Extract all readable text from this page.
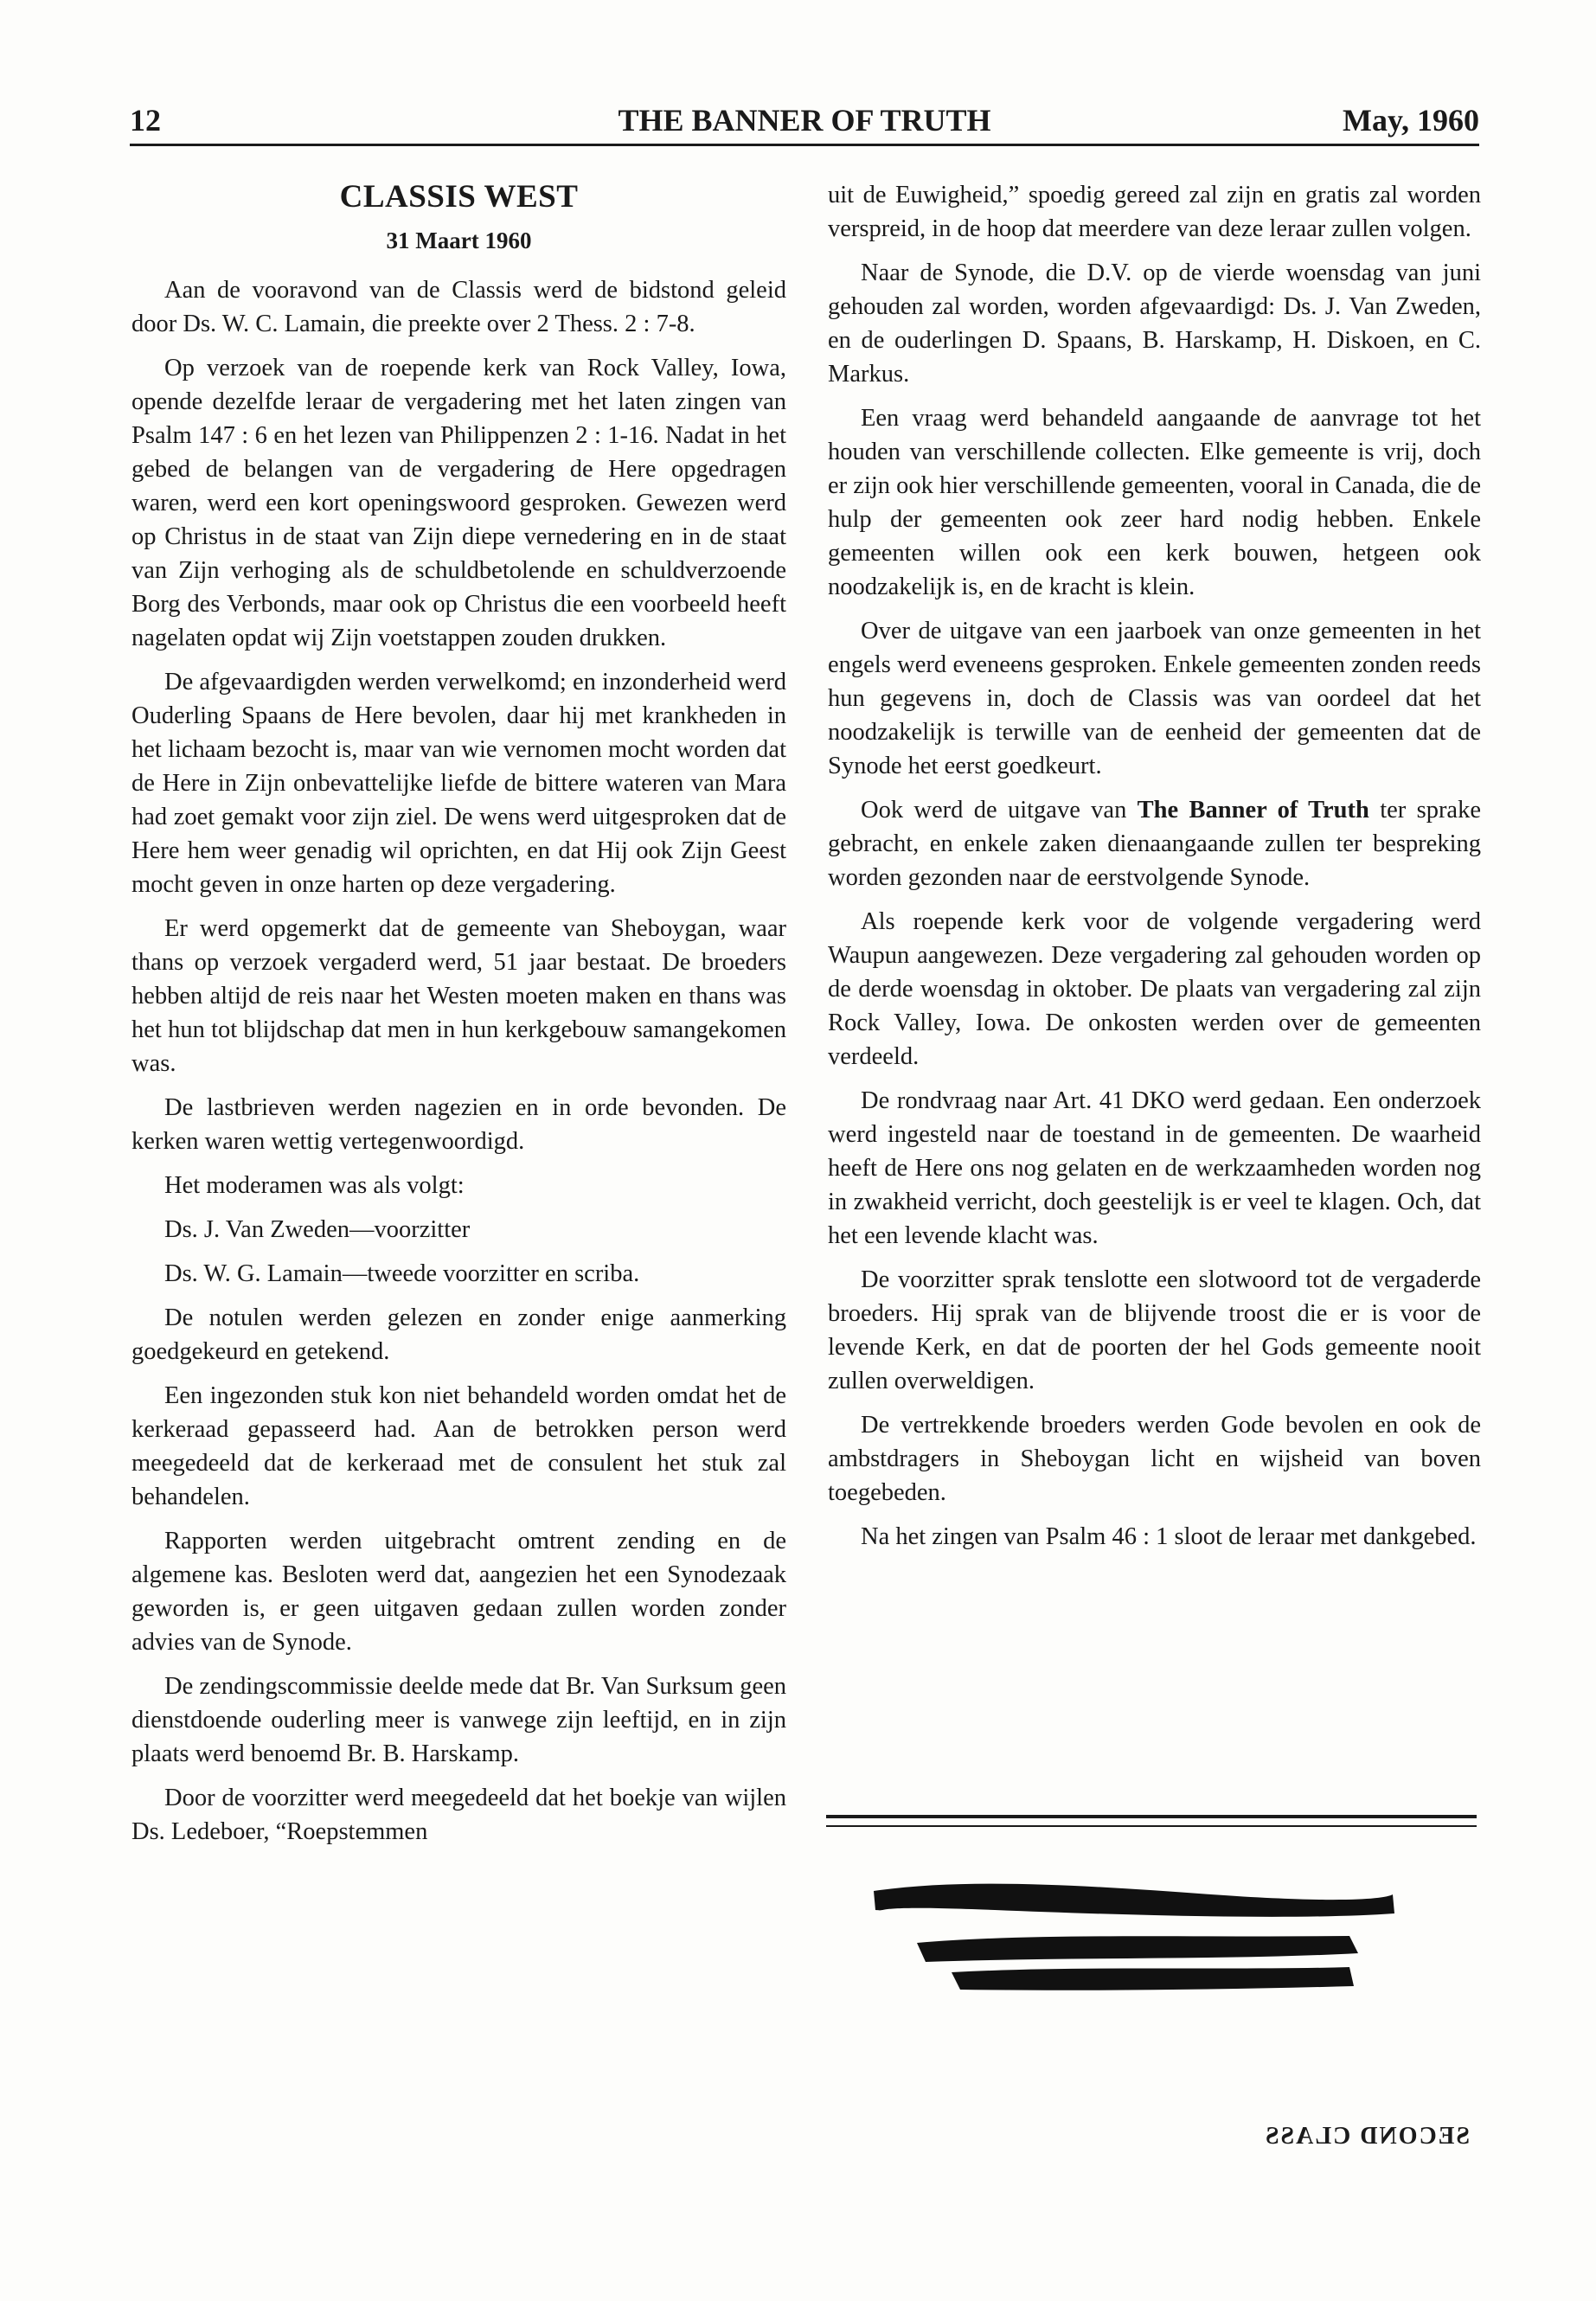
12	THE BANNER OF TRUTH	May, 1960
CLASSIS WEST
31 Maart 1960

Aan de vooravond van de Classis werd de bidstond geleid door Ds. W. C. Lamain, die preekte over 2 Thess. 2 : 7-8.

Op verzoek van de roepende kerk van Rock Valley, Iowa, opende dezelfde leraar de vergadering met het laten zingen van Psalm 147 : 6 en het lezen van Philippenzen 2 : 1-16. Nadat in het gebed de belangen van de vergadering de Here opgedragen waren, werd een kort openingswoord gesproken. Gewezen werd op Christus in de staat van Zijn diepe vernedering en in de staat van Zijn verhoging als de schuldbetolende en schuldverzoende Borg des Verbonds, maar ook op Christus die een voorbeeld heeft nagelaten opdat wij Zijn voetstappen zouden drukken.

De afgevaardigden werden verwelkomd; en inzonderheid werd Ouderling Spaans de Here bevolen, daar hij met krankheden in het lichaam bezocht is, maar van wie vernomen mocht worden dat de Here in Zijn onbevattelijke liefde de bittere wateren van Mara had zoet gemakt voor zijn ziel. De wens werd uitgesproken dat de Here hem weer genadig wil oprichten, en dat Hij ook Zijn Geest mocht geven in onze harten op deze vergadering.

Er werd opgemerkt dat de gemeente van Sheboygan, waar thans op verzoek vergaderd werd, 51 jaar bestaat. De broeders hebben altijd de reis naar het Westen moeten maken en thans was het hun tot blijdschap dat men in hun kerkgebouw samangekomen was.

De lastbrieven werden nagezien en in orde bevonden. De kerken waren wettig vertegenwoordigd.

Het moderamen was als volgt:

Ds. J. Van Zweden—voorzitter

Ds. W. G. Lamain—tweede voorzitter en scriba.

De notulen werden gelezen en zonder enige aanmerking goedgekeurd en getekend.

Een ingezonden stuk kon niet behandeld worden omdat het de kerkeraad gepasseerd had. Aan de betrokken person werd meegedeeld dat de kerkeraad met de consulent het stuk zal behandelen.

Rapporten werden uitgebracht omtrent zending en de algemene kas. Besloten werd dat, aangezien het een Synodezaak geworden is, er geen uitgaven gedaan zullen worden zonder advies van de Synode.

De zendingscommissie deelde mede dat Br. Van Surksum geen dienstdoende ouderling meer is vanwege zijn leeftijd, en in zijn plaats werd benoemd Br. B. Harskamp.

Door de voorzitter werd meegedeeld dat het boekje van wijlen Ds. Ledeboer, “Roepstemmen

uit de Euwigheid,” spoedig gereed zal zijn en gratis zal worden verspreid, in de hoop dat meerdere van deze leraar zullen volgen.

Naar de Synode, die D.V. op de vierde woensdag van juni gehouden zal worden, worden afgevaardigd: Ds. J. Van Zweden, en de ouderlingen D. Spaans, B. Harskamp, H. Diskoen, en C. Markus.

Een vraag werd behandeld aangaande de aanvrage tot het houden van verschillende collecten. Elke gemeente is vrij, doch er zijn ook hier verschillende gemeenten, vooral in Canada, die de hulp der gemeenten ook zeer hard nodig hebben. Enkele gemeenten willen ook een kerk bouwen, hetgeen ook noodzakelijk is, en de kracht is klein.

Over de uitgave van een jaarboek van onze gemeenten in het engels werd eveneens gesproken. Enkele gemeenten zonden reeds hun gegevens in, doch de Classis was van oordeel dat het noodzakelijk is terwille van de eenheid der gemeenten dat de Synode het eerst goedkeurt.

Ook werd de uitgave van The Banner of Truth ter sprake gebracht, en enkele zaken dienaangaande zullen ter bespreking worden gezonden naar de eerstvolgende Synode.

Als roepende kerk voor de volgende vergadering werd Waupun aangewezen. Deze vergadering zal gehouden worden op de derde woensdag in oktober. De plaats van vergadering zal zijn Rock Valley, Iowa. De onkosten werden over de gemeenten verdeeld.

De rondvraag naar Art. 41 DKO werd gedaan. Een onderzoek werd ingesteld naar de toestand in de gemeenten. De waarheid heeft de Here ons nog gelaten en de werkzaamheden worden nog in zwakheid verricht, doch geestelijk is er veel te klagen. Och, dat het een levende klacht was.

De voorzitter sprak tenslotte een slotwoord tot de vergaderde broeders. Hij sprak van de blijvende troost die er is voor de levende Kerk, en dat de poorten der hel Gods gemeente nooit zullen overweldigen.

De vertrekkende broeders werden Gode bevolen en ook de ambstdragers in Sheboygan licht en wijsheid van boven toegebeden.

Na het zingen van Psalm 46 : 1 sloot de leraar met dankgebed.

SECOND CLASS
